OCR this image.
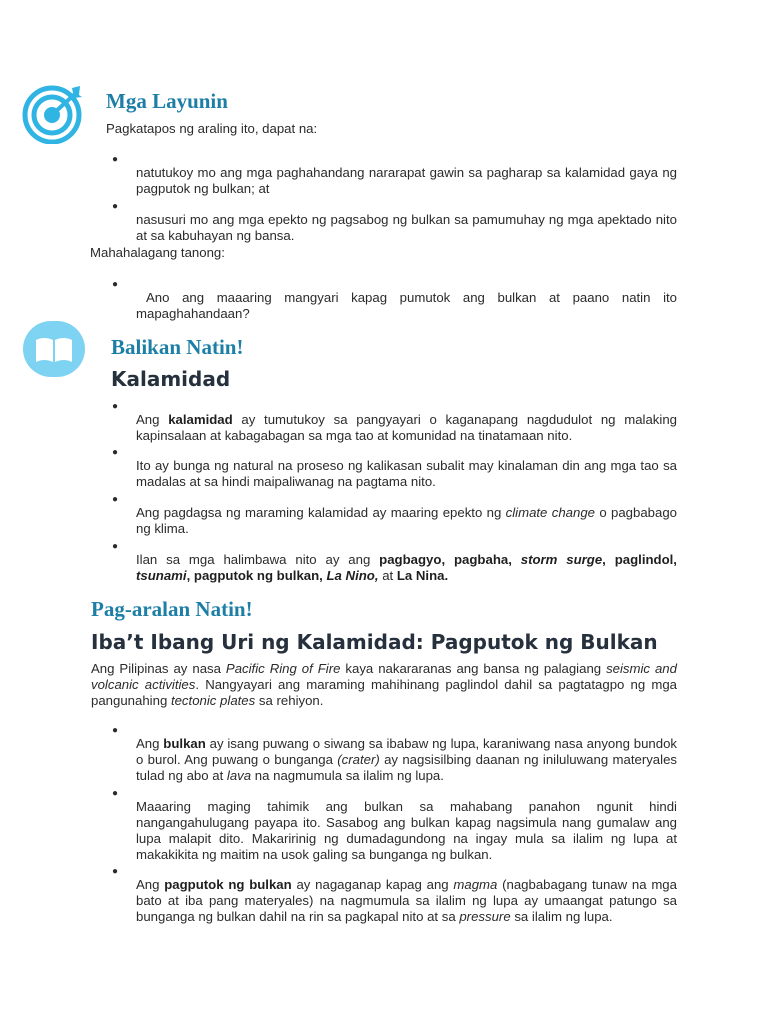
Mga Layunin

Pagkatapos ng araling ito, dapat na:

●

natutukoy mo ang mga paghahandang nararapat gawin sa pagharap sa kalamidad gaya ng pagputok ng bulkan; at

●

nasusuri mo ang mga epekto ng pagsabog ng bulkan sa pamumuhay ng mga apektado nito at sa kabuhayan ng bansa.

Mahahalagang tanong:

●

Ano ang maaaring mangyari kapag pumutok ang bulkan at paano natin ito mapaghahandaan?

Balikan Natin!
Kalamidad
●

Ang kalamidad ay tumutukoy sa pangyayari o kaganapang nagdudulot ng malaking kapinsalaan at kabagabagan sa mga tao at komunidad na tinatamaan nito.

●

Ito ay bunga ng natural na proseso ng kalikasan subalit may kinalaman din ang mga tao sa madalas at sa hindi maipaliwanag na pagtama nito.

●

Ang pagdagsa ng maraming kalamidad ay maaring epekto ng climate change o pagbabago ng klima.

●

Ilan sa mga halimbawa nito ay ang pagbagyo, pagbaha, storm surge, paglindol, tsunami, pagputok ng bulkan, La Nino, at La Nina.

Pag-aralan Natin!
Iba’t Ibang Uri ng Kalamidad: Pagputok ng Bulkan

Ang Pilipinas ay nasa Pacific Ring of Fire kaya nakararanas ang bansa ng palagiang seismic and volcanic activities. Nangyayari ang maraming mahihinang paglindol dahil sa pagtatagpo ng mga pangunahing tectonic plates sa rehiyon.

●

Ang bulkan ay isang puwang o siwang sa ibabaw ng lupa, karaniwang nasa anyong bundok o burol. Ang puwang o bunganga (crater) ay nagsisilbing daanan ng iniluluwang materyales tulad ng abo at lava na nagmumula sa ilalim ng lupa.

●

Maaaring maging tahimik ang bulkan sa mahabang panahon ngunit hindi nangangahulugang payapa ito. Sasabog ang bulkan kapag nagsimula nang gumalaw ang lupa malapit dito. Makaririnig ng dumadagundong na ingay mula sa ilalim ng lupa at makakikita ng maitim na usok galing sa bunganga ng bulkan.

●

Ang pagputok ng bulkan ay nagaganap kapag ang magma (nagbabagang tunaw na mga bato at iba pang materyales) na nagmumula sa ilalim ng lupa ay umaangat patungo sa bunganga ng bulkan dahil na rin sa pagkapal nito at sa pressure sa ilalim ng lupa.
